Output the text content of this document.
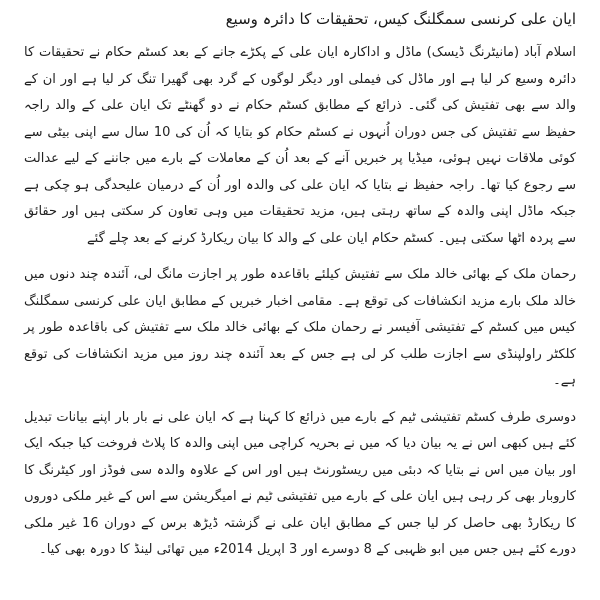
ایان علی کرنسی سمگلنگ کیس، تحقیقات کا دائرہ وسیع

اسلام آباد (مانیٹرنگ ڈیسک) ماڈل و اداکارہ ایان علی کے پکڑے جانے کے بعد کسٹم حکام نے تحقیقات کا دائرہ وسیع کر لیا ہے اور ماڈل کی فیملی اور دیگر لوگوں کے گرد بھی گھیرا تنگ کر لیا ہے اور ان کے والد سے بھی تفتیش کی گئی۔ ذرائع کے مطابق کسٹم حکام نے دو گھنٹے تک ایان علی کے والد راجہ حفیظ سے تفتیش کی جس دوران اُنہوں نے کسٹم حکام کو بتایا کہ اُن کی 10 سال سے اپنی بیٹی سے کوئی ملاقات نہیں ہوئی، میڈیا پر خبریں آنے کے بعد اُن کے معاملات کے بارے میں جاننے کے لیے عدالت سے رجوع کیا تھا۔ راجہ حفیظ نے بتایا کہ ایان علی کی والدہ اور اُن کے درمیان علیحدگی ہو چکی ہے جبکہ ماڈل اپنی والدہ کے ساتھ رہتی ہیں، مزید تحقیقات میں وہی تعاون کر سکتی ہیں اور حقائق سے پردہ اٹھا سکتی ہیں۔ کسٹم حکام ایان علی کے والد کا بیان ریکارڈ کرنے کے بعد چلے گئے

رحمان ملک کے بھائی خالد ملک سے تفتیش کیلئے باقاعدہ طور پر اجازت مانگ لی، آئندہ چند دنوں میں خالد ملک بارے مزید انکشافات کی توقع ہے۔ مقامی اخبار خبریں کے مطابق ایان علی کرنسی سمگلنگ کیس میں کسٹم کے تفتیشی آفیسر نے رحمان ملک کے بھائی خالد ملک سے تفتیش کی باقاعدہ طور پر کلکٹر راولپنڈی سے اجازت طلب کر لی ہے جس کے بعد آئندہ چند روز میں مزید انکشافات کی توقع ہے۔

دوسری طرف کسٹم تفتیشی ٹیم کے بارے میں ذرائع کا کہنا ہے کہ ایان علی نے بار بار اپنے بیانات تبدیل کئے ہیں کبھی اس نے یہ بیان دیا کہ میں نے بحریہ کراچی میں اپنی والدہ کا پلاٹ فروخت کیا جبکہ ایک اور بیان میں اس نے بتایا کہ دبئی میں ریسٹورنٹ ہیں اور اس کے علاوہ والدہ سی فوڈز اور کیٹرنگ کا کاروبار بھی کر رہی ہیں ایان علی کے بارے میں تفتیشی ٹیم نے امیگریشن سے اس کے غیر ملکی دوروں کا ریکارڈ بھی حاصل کر لیا جس کے مطابق ایان علی نے گزشتہ ڈیڑھ برس کے دوران 16 غیر ملکی دورے کئے ہیں جس میں ابو ظہبی کے 8 دوسرے اور 3 اپریل 2014ء میں تھائی لینڈ کا دورہ بھی کیا۔
